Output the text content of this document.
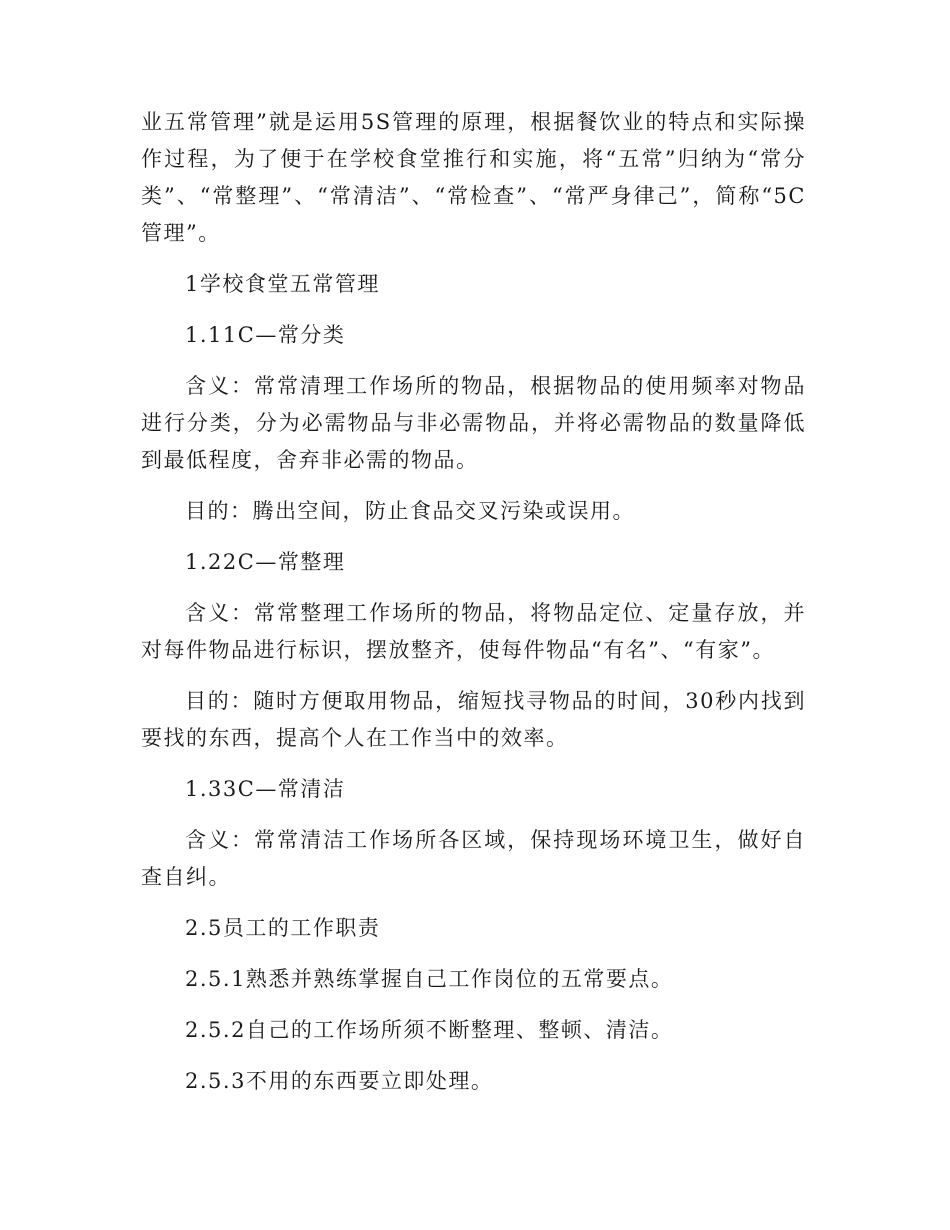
业五常管理”就是运用5S管理的原理，根据餐饮业的特点和实际操作过程，为了便于在学校食堂推行和实施，将“五常”归纳为“常分类”、“常整理”、“常清洁”、“常检查”、“常严身律己”，简称“5C管理”。

1学校食堂五常管理

1.11C—常分类

含义：常常清理工作场所的物品，根据物品的使用频率对物品进行分类，分为必需物品与非必需物品，并将必需物品的数量降低到最低程度，舍弃非必需的物品。

目的：腾出空间，防止食品交叉污染或误用。

1.22C—常整理

含义：常常整理工作场所的物品，将物品定位、定量存放，并对每件物品进行标识，摆放整齐，使每件物品“有名”、“有家”。

目的：随时方便取用物品，缩短找寻物品的时间，30秒内找到要找的东西，提高个人在工作当中的效率。

1.33C—常清洁

含义：常常清洁工作场所各区域，保持现场环境卫生，做好自查自纠。

2.5员工的工作职责

2.5.1熟悉并熟练掌握自己工作岗位的五常要点。

2.5.2自己的工作场所须不断整理、整顿、清洁。

2.5.3不用的东西要立即处理。
